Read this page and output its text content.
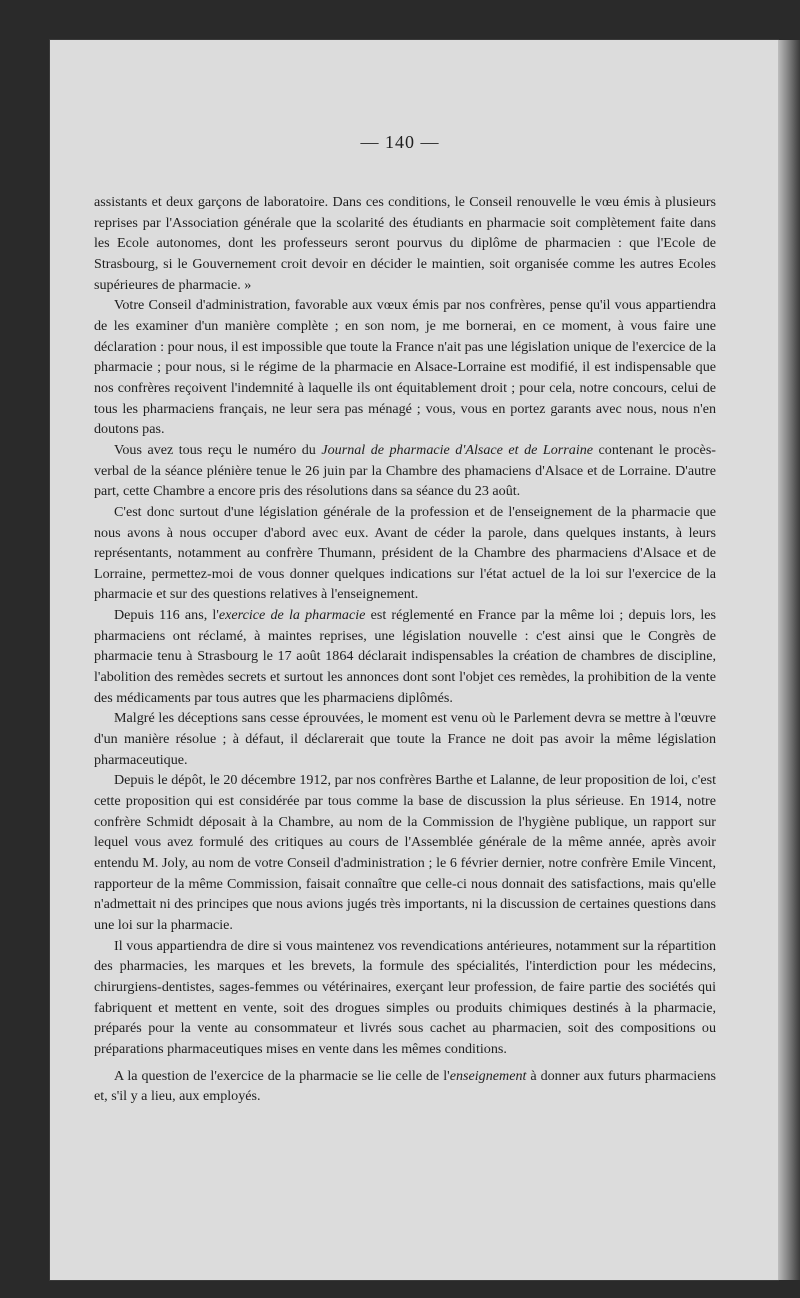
— 140 —

assistants et deux garçons de laboratoire. Dans ces conditions, le Conseil renouvelle le vœu émis à plusieurs reprises par l'Association générale que la scolarité des étudiants en pharmacie soit complètement faite dans les Ecole autonomes, dont les professeurs seront pourvus du diplôme de pharmacien : que l'Ecole de Strasbourg, si le Gouvernement croit devoir en décider le maintien, soit organisée comme les autres Ecoles supérieures de pharmacie. »

Votre Conseil d'administration, favorable aux vœux émis par nos confrères, pense qu'il vous appartiendra de les examiner d'un manière complète ; en son nom, je me bornerai, en ce moment, à vous faire une déclaration : pour nous, il est impossible que toute la France n'ait pas une législation unique de l'exercice de la pharmacie ; pour nous, si le régime de la pharmacie en Alsace-Lorraine est modifié, il est indispensable que nos confrères reçoivent l'indemnité à laquelle ils ont équitablement droit ; pour cela, notre concours, celui de tous les pharmaciens français, ne leur sera pas ménagé ; vous, vous en portez garants avec nous, nous n'en doutons pas.

Vous avez tous reçu le numéro du Journal de pharmacie d'Alsace et de Lorraine contenant le procès-verbal de la séance plénière tenue le 26 juin par la Chambre des phamaciens d'Alsace et de Lorraine. D'autre part, cette Chambre a encore pris des résolutions dans sa séance du 23 août.

C'est donc surtout d'une législation générale de la profession et de l'enseignement de la pharmacie que nous avons à nous occuper d'abord avec eux. Avant de céder la parole, dans quelques instants, à leurs représentants, notamment au confrère Thumann, président de la Chambre des pharmaciens d'Alsace et de Lorraine, permettez-moi de vous donner quelques indications sur l'état actuel de la loi sur l'exercice de la pharmacie et sur des questions relatives à l'enseignement.

Depuis 116 ans, l'exercice de la pharmacie est réglementé en France par la même loi ; depuis lors, les pharmaciens ont réclamé, à maintes reprises, une législation nouvelle : c'est ainsi que le Congrès de pharmacie tenu à Strasbourg le 17 août 1864 déclarait indispensables la création de chambres de discipline, l'abolition des remèdes secrets et surtout les annonces dont sont l'objet ces remèdes, la prohibition de la vente des médicaments par tous autres que les pharmaciens diplômés.

Malgré les déceptions sans cesse éprouvées, le moment est venu où le Parlement devra se mettre à l'œuvre d'un manière résolue ; à défaut, il déclarerait que toute la France ne doit pas avoir la même législation pharmaceutique.

Depuis le dépôt, le 20 décembre 1912, par nos confrères Barthe et Lalanne, de leur proposition de loi, c'est cette proposition qui est considérée par tous comme la base de discussion la plus sérieuse. En 1914, notre confrère Schmidt déposait à la Chambre, au nom de la Commission de l'hygiène publique, un rapport sur lequel vous avez formulé des critiques au cours de l'Assemblée générale de la même année, après avoir entendu M. Joly, au nom de votre Conseil d'administration ; le 6 février dernier, notre confrère Emile Vincent, rapporteur de la même Commission, faisait connaître que celle-ci nous donnait des satisfactions, mais qu'elle n'admettait ni des principes que nous avions jugés très importants, ni la discussion de certaines questions dans une loi sur la pharmacie.

Il vous appartiendra de dire si vous maintenez vos revendications antérieures, notamment sur la répartition des pharmacies, les marques et les brevets, la formule des spécialités, l'interdiction pour les médecins, chirurgiens-dentistes, sages-femmes ou vétérinaires, exerçant leur profession, de faire partie des sociétés qui fabriquent et mettent en vente, soit des drogues simples ou produits chimiques destinés à la pharmacie, préparés pour la vente au consommateur et livrés sous cachet au pharmacien, soit des compositions ou préparations pharmaceutiques mises en vente dans les mêmes conditions.

A la question de l'exercice de la pharmacie se lie celle de l'enseignement à donner aux futurs pharmaciens et, s'il y a lieu, aux employés.
